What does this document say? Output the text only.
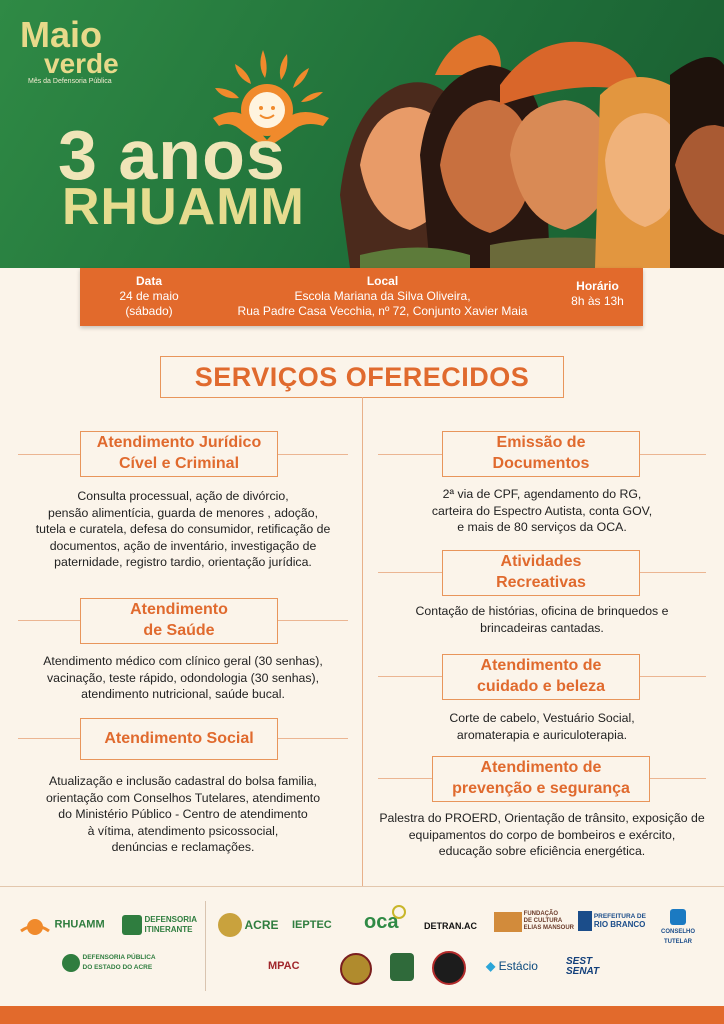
Maio
verde
Mês da Defensoria Pública
3 anos
RHUAMM
Data
24 de maio
(sábado)
Local
Escola Mariana da Silva Oliveira,
Rua Padre Casa Vecchia, nº 72, Conjunto Xavier Maia
Horário
8h às 13h
SERVIÇOS OFERECIDOS
Atendimento Jurídico
Cível e Criminal
Consulta processual, ação de divórcio,
pensão alimentícia, guarda de menores , adoção,
tutela e curatela, defesa do consumidor, retificação de
documentos, ação de inventário, investigação de
paternidade, registro tardio, orientação jurídica.
Atendimento
de Saúde
Atendimento médico com clínico geral (30 senhas),
vacinação, teste rápido, odondologia (30 senhas),
atendimento nutricional, saúde bucal.
Atendimento Social
Atualização e inclusão cadastral do bolsa familia,
orientação com Conselhos Tutelares, atendimento
do Ministério Público - Centro de atendimento
à vítima, atendimento psicossocial,
denúncias e reclamações.
Emissão de
Documentos
2ª via de CPF, agendamento do RG,
carteira do Espectro Autista, conta GOV,
e mais de 80 serviços da OCA.
Atividades
Recreativas
Contação de histórias, oficina de brinquedos e
brincadeiras cantadas.
Atendimento de
cuidado e beleza
Corte de cabelo, Vestuário Social,
aromaterapia e auriculoterapia.
Atendimento de
prevenção e segurança
Palestra do PROERD, Orientação de trânsito, exposição de
equipamentos do corpo de bombeiros e exército,
educação sobre eficiência energética.
RHUAMM	DEFENSORIA
ITINERANTE
DEFENSORIA PÚBLICA
DO ESTADO DO ACRE
ACRE	IEPTEC oca	DETRAN.AC
FUNDAÇÃO
DE CULTURA
ELIAS MANSOUR
PREFEITURA DE
RIO BRANCO
CONSELHO TUTELAR
MPAC	◆ Estácio	SEST
SENAT
